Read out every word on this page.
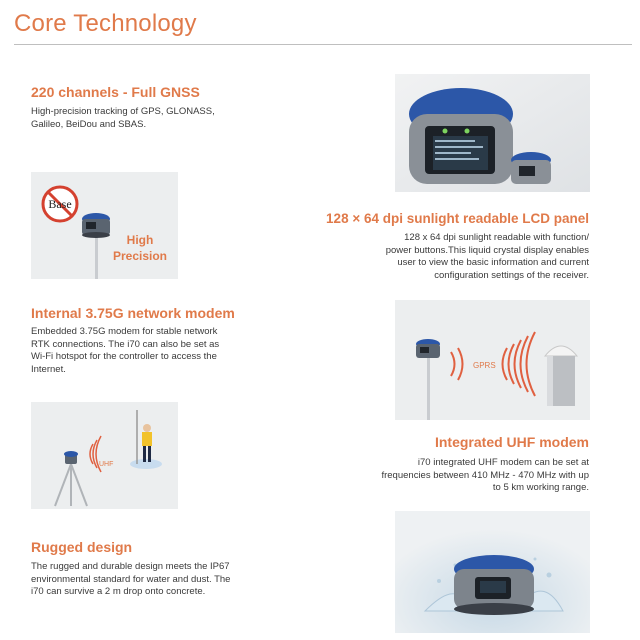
Core Technology
220 channels - Full GNSS
High-precision tracking of GPS, GLONASS,
Galileo, BeiDou and SBAS.
Base
High
Precision
128 × 64 dpi sunlight readable LCD panel
128 x 64 dpi sunlight readable with function/
power buttons.This liquid crystal display enables
user to view the basic information and current
configuration settings of the receiver.
Internal 3.75G network modem
Embedded 3.75G modem for stable network
RTK connections. The i70 can also be set as
Wi-Fi hotspot for the controller to access the
Internet.	GPRS
UHF
Integrated UHF modem
i70 integrated UHF modem can be set at
frequencies between 410 MHz - 470 MHz with up
to 5 km working range.
Rugged design
The rugged and durable design meets the IP67
environmental standard for water and dust. The
i70 can survive a 2 m drop onto concrete.
